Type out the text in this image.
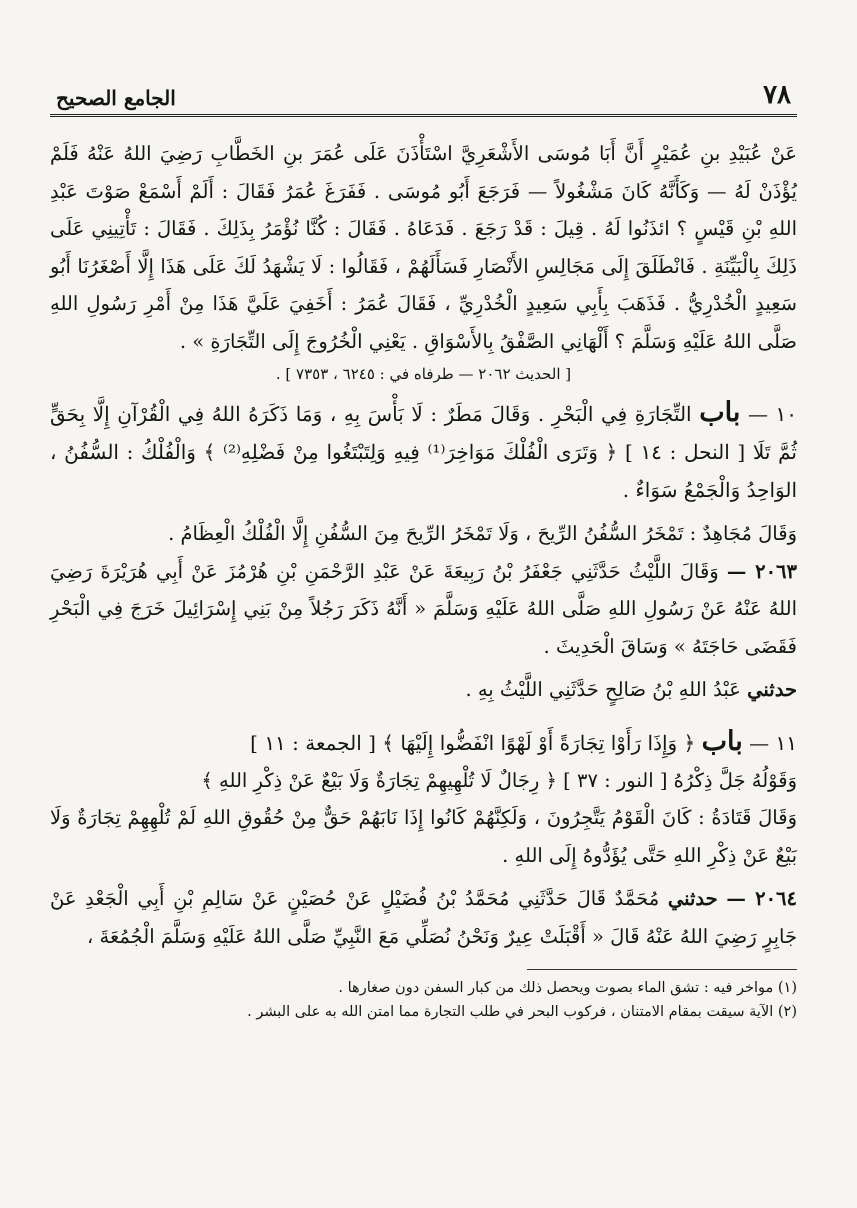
٧٨
الجامع الصحيح

عَنْ عُبَيْدِ بنِ عُمَيْرٍ أَنَّ أَبَا مُوسَى الأَشْعَرِيَّ اسْتَأْذَنَ عَلَى عُمَرَ بنِ الخَطَّابِ رَضِيَ اللهُ عَنْهُ فَلَمْ يُؤْذَنْ لَهُ — وَكَأَنَّهُ كَانَ مَشْغُولاً — فَرَجَعَ أَبُو مُوسَى . فَفَرَغَ عُمَرُ فَقَالَ : أَلَمْ أَسْمَعْ صَوْتَ عَبْدِ اللهِ بْنِ قَيْسٍ ؟ ائذَنُوا لَهُ . قِيلَ : قَدْ رَجَعَ . فَدَعَاهُ . فَقَالَ : كُنَّا نُؤْمَرُ بِذَلِكَ . فَقَالَ : تَأْتِينِي عَلَى ذَلِكَ بِالْبَيِّنَةِ . فَانْطَلَقَ إِلَى مَجَالِسِ الأَنْصَارِ فَسَأَلَهُمْ ، فَقَالُوا : لَا يَشْهَدُ لَكَ عَلَى هَذَا إِلَّا أَصْغَرُنَا أَبُو سَعِيدٍ الْخُدْرِيُّ . فَذَهَبَ بِأَبِي سَعِيدٍ الْخُدْرِيِّ ، فَقَالَ عُمَرُ : أَخَفِيَ عَلَيَّ هَذَا مِنْ أَمْرِ رَسُولِ اللهِ صَلَّى اللهُ عَلَيْهِ وَسَلَّمَ ؟ أَلْهَانِي الصَّفْقُ بِالأَسْوَاقِ . يَعْنِي الْخُرُوجَ إِلَى التِّجَارَةِ » .

[ الحديث ٢٠٦٢ — طرفاه في : ٦٢٤٥ ، ٧٣٥٣ ] .

١٠ — باب التِّجَارَةِ فِي الْبَحْرِ . وَقَالَ مَطَرٌ : لَا بَأْسَ بِهِ ، وَمَا ذَكَرَهُ اللهُ فِي الْقُرْآنِ إِلَّا بِحَقٍّ ثُمَّ تَلَا [ النحل : ١٤ ] ﴿ وَتَرَى الْفُلْكَ مَوَاخِرَ⁽¹⁾ فِيهِ وَلِتَبْتَغُوا مِنْ فَضْلِهِ⁽²⁾ ﴾ وَالْفُلْكُ : السُّفُنُ ، الوَاحِدُ وَالْجَمْعُ سَوَاءٌ .

وَقَالَ مُجَاهِدٌ : تَمْخَرُ السُّفُنُ الرِّيحَ ، وَلَا تَمْخَرُ الرِّيحَ مِنَ السُّفُنِ إِلَّا الْفُلْكُ الْعِظَامُ .

٢٠٦٣ — وَقَالَ اللَّيْثُ حَدَّثَنِي جَعْفَرُ بْنُ رَبِيعَةَ عَنْ عَبْدِ الرَّحْمَنِ بْنِ هُرْمُزَ عَنْ أَبِي هُرَيْرَةَ رَضِيَ اللهُ عَنْهُ عَنْ رَسُولِ اللهِ صَلَّى اللهُ عَلَيْهِ وَسَلَّمَ « أَنَّهُ ذَكَرَ رَجُلاً مِنْ بَنِي إِسْرَائِيلَ خَرَجَ فِي الْبَحْرِ فَقَضَى حَاجَتَهُ » وَسَاقَ الْحَدِيثَ .

حدثني عَبْدُ اللهِ بْنُ صَالِحٍ حَدَّثَنِي اللَّيْثُ بِهِ .

١١ — باب ﴿ وَإِذَا رَأَوْا تِجَارَةً أَوْ لَهْوًا انْفَضُّوا إِلَيْهَا ﴾ [ الجمعة : ١١ ]

وَقَوْلُهُ جَلَّ ذِكْرُهُ [ النور : ٣٧ ] ﴿ رِجَالٌ لَا تُلْهِيهِمْ تِجَارَةٌ وَلَا بَيْعٌ عَنْ ذِكْرِ اللهِ ﴾

وَقَالَ قَتَادَةُ : كَانَ الْقَوْمُ يَتَّجِرُونَ ، وَلَكِنَّهُمْ كَانُوا إِذَا نَابَهُمْ حَقٌّ مِنْ حُقُوقِ اللهِ لَمْ تُلْهِهِمْ تِجَارَةٌ وَلَا بَيْعٌ عَنْ ذِكْرِ اللهِ حَتَّى يُؤَدُّوهُ إِلَى اللهِ .

٢٠٦٤ — حدثني مُحَمَّدٌ قَالَ حَدَّثَنِي مُحَمَّدُ بْنُ فُضَيْلٍ عَنْ حُصَيْنٍ عَنْ سَالِمِ بْنِ أَبِي الْجَعْدِ عَنْ جَابِرٍ رَضِيَ اللهُ عَنْهُ قَالَ « أَقْبَلَتْ عِيرٌ وَنَحْنُ نُصَلِّي مَعَ النَّبِيِّ صَلَّى اللهُ عَلَيْهِ وَسَلَّمَ الْجُمُعَةَ ،

(١) مواخر فيه : تشق الماء بصوت ويحصل ذلك من كبار السفن دون صغارها .
(٢) الآية سيقت بمقام الامتنان ، فركوب البحر في طلب التجارة مما امتن الله به على البشر .
